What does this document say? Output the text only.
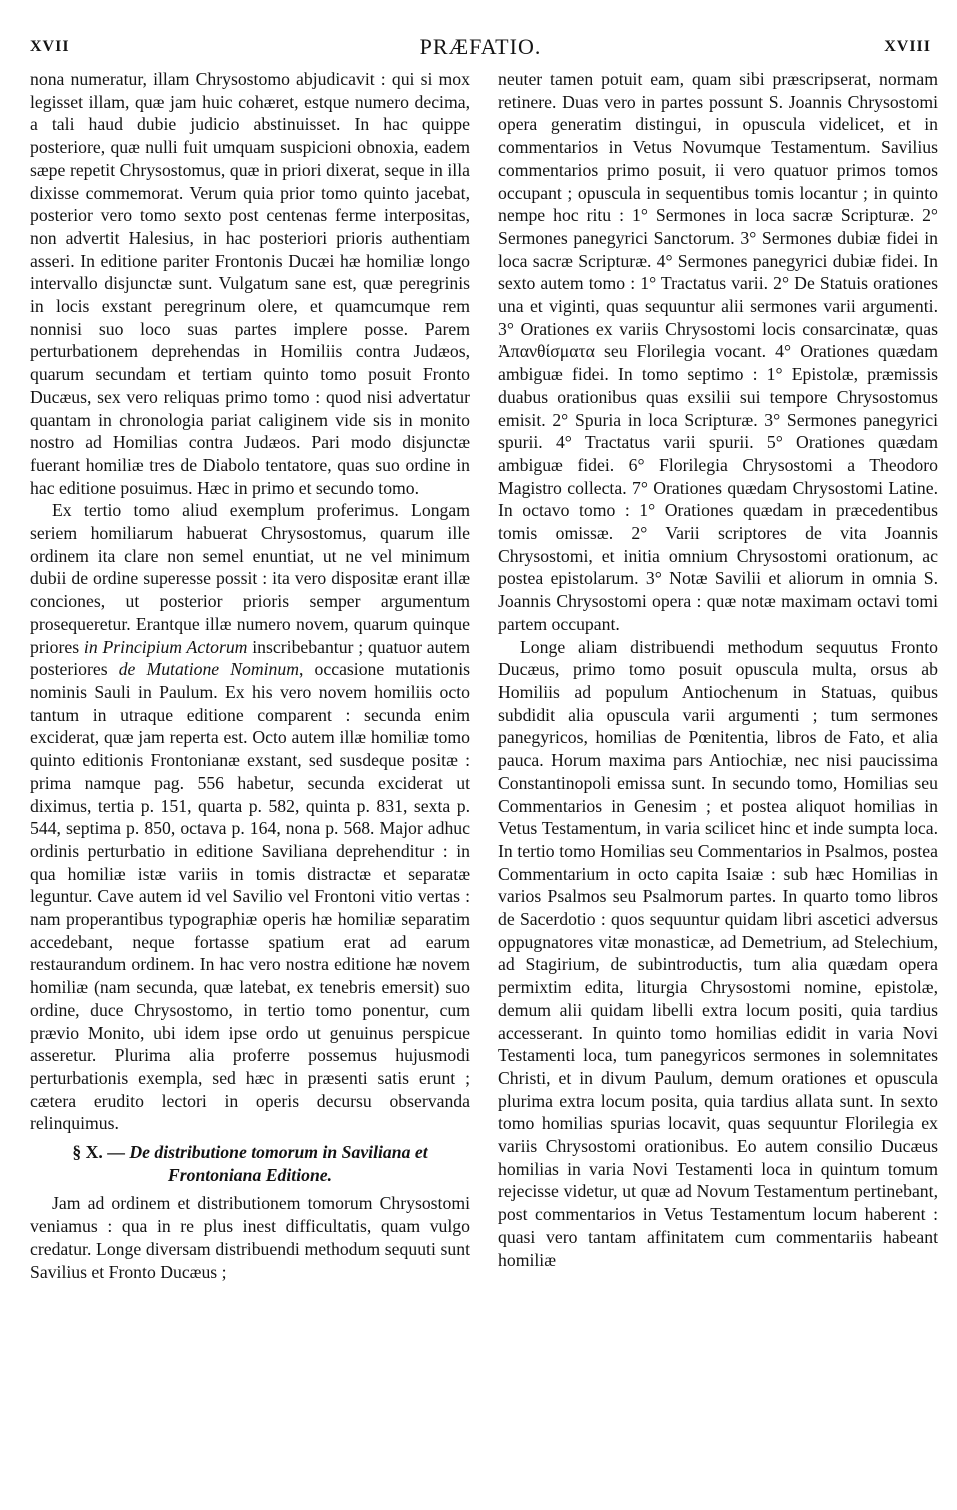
XVII	PRÆFATIO.	XVIII

nona numeratur, illam Chrysostomo abjudicavit : qui si mox legisset illam, quæ jam huic cohæret, estque numero decima, a tali haud dubie judicio abstinuisset. In hac quippe posteriore, quæ nulli fuit umquam suspicioni obnoxia, eadem sæpe repetit Chrysostomus, quæ in priori dixerat, seque in illa dixisse commemorat. Verum quia prior tomo quinto jacebat, posterior vero tomo sexto post centenas ferme interpositas, non advertit Halesius, in hac posteriori prioris authentiam asseri. In editione pariter Frontonis Ducæi hæ homiliæ longo intervallo disjunctæ sunt. Vulgatum sane est, quæ peregrinis in locis exstant peregrinum olere, et quamcumque rem nonnisi suo loco suas partes implere posse. Parem perturbationem deprehendas in Homiliis contra Judæos, quarum secundam et tertiam quinto tomo posuit Fronto Ducæus, sex vero reliquas primo tomo : quod nisi advertatur quantam in chronologia pariat caliginem vide sis in monito nostro ad Homilias contra Judæos. Pari modo disjunctæ fuerant homiliæ tres de Diabolo tentatore, quas suo ordine in hac editione posuimus. Hæc in primo et secundo tomo.

Ex tertio tomo aliud exemplum proferimus. Longam seriem homiliarum habuerat Chrysostomus, quarum ille ordinem ita clare non semel enuntiat, ut ne vel minimum dubii de ordine superesse possit : ita vero dispositæ erant illæ conciones, ut posterior prioris semper argumentum prosequeretur. Erantque illæ numero novem, quarum quinque priores in Principium Actorum inscribebantur ; quatuor autem posteriores de Mutatione Nominum, occasione mutationis nominis Sauli in Paulum. Ex his vero novem homiliis octo tantum in utraque editione comparent : secunda enim exciderat, quæ jam reperta est. Octo autem illæ homiliæ tomo quinto editionis Frontonianæ exstant, sed susdeque positæ : prima namque pag. 556 habetur, secunda exciderat ut diximus, tertia p. 151, quarta p. 582, quinta p. 831, sexta p. 544, septima p. 850, octava p. 164, nona p. 568. Major adhuc ordinis perturbatio in editione Saviliana deprehenditur : in qua homiliæ istæ variis in tomis distractæ et separatæ leguntur. Cave autem id vel Savilio vel Frontoni vitio vertas : nam properantibus typographiæ operis hæ homiliæ separatim accedebant, neque fortasse spatium erat ad earum restaurandum ordinem. In hac vero nostra editione hæ novem homiliæ (nam secunda, quæ latebat, ex tenebris emersit) suo ordine, duce Chrysostomo, in tertio tomo ponentur, cum prævio Monito, ubi idem ipse ordo ut genuinus perspicue asseretur. Plurima alia proferre possemus hujusmodi perturbationis exempla, sed hæc in præsenti satis erunt ; cætera erudito lectori in operis decursu observanda relinquimus.

§ X. — De distributione tomorum in Saviliana et Frontoniana Editione.

Jam ad ordinem et distributionem tomorum Chrysostomi veniamus : qua in re plus inest difficultatis, quam vulgo credatur. Longe diversam distribuendi methodum sequuti sunt Savilius et Fronto Ducæus ;

neuter tamen potuit eam, quam sibi præscripserat, normam retinere. Duas vero in partes possunt S. Joannis Chrysostomi opera generatim distingui, in opuscula videlicet, et in commentarios in Vetus Novumque Testamentum. Savilius commentarios primo posuit, ii vero quatuor primos tomos occupant ; opuscula in sequentibus tomis locantur ; in quinto nempe hoc ritu : 1° Sermones in loca sacræ Scripturæ. 2° Sermones panegyrici Sanctorum. 3° Sermones dubiæ fidei in loca sacræ Scripturæ. 4° Sermones panegyrici dubiæ fidei. In sexto autem tomo : 1° Tractatus varii. 2° De Statuis orationes una et viginti, quas sequuntur alii sermones varii argumenti. 3° Orationes ex variis Chrysostomi locis consarcinatæ, quas Ἀπανθίσματα seu Florilegia vocant. 4° Orationes quædam ambiguæ fidei. In tomo septimo : 1° Epistolæ, præmissis duabus orationibus quas exsilii sui tempore Chrysostomus emisit. 2° Spuria in loca Scripturæ. 3° Sermones panegyrici spurii. 4° Tractatus varii spurii. 5° Orationes quædam ambiguæ fidei. 6° Florilegia Chrysostomi a Theodoro Magistro collecta. 7° Orationes quædam Chrysostomi Latine. In octavo tomo : 1° Orationes quædam in præcedentibus tomis omissæ. 2° Varii scriptores de vita Joannis Chrysostomi, et initia omnium Chrysostomi orationum, ac postea epistolarum. 3° Notæ Savilii et aliorum in omnia S. Joannis Chrysostomi opera : quæ notæ maximam octavi tomi partem occupant.

Longe aliam distribuendi methodum sequutus Fronto Ducæus, primo tomo posuit opuscula multa, orsus ab Homiliis ad populum Antiochenum in Statuas, quibus subdidit alia opuscula varii argumenti ; tum sermones panegyricos, homilias de Pœnitentia, libros de Fato, et alia pauca. Horum maxima pars Antiochiæ, nec nisi paucissima Constantinopoli emissa sunt. In secundo tomo, Homilias seu Commentarios in Genesim ; et postea aliquot homilias in Vetus Testamentum, in varia scilicet hinc et inde sumpta loca. In tertio tomo Homilias seu Commentarios in Psalmos, postea Commentarium in octo capita Isaiæ : sub hæc Homilias in varios Psalmos seu Psalmorum partes. In quarto tomo libros de Sacerdotio : quos sequuntur quidam libri ascetici adversus oppugnatores vitæ monasticæ, ad Demetrium, ad Stelechium, ad Stagirium, de subintroductis, tum alia quædam opera permixtim edita, liturgia Chrysostomi nomine, epistolæ, demum alii quidam libelli extra locum positi, quia tardius accesserant. In quinto tomo homilias edidit in varia Novi Testamenti loca, tum panegyricos sermones in solemnitates Christi, et in divum Paulum, demum orationes et opuscula plurima extra locum posita, quia tardius allata sunt. In sexto tomo homilias spurias locavit, quas sequuntur Florilegia ex variis Chrysostomi orationibus. Eo autem consilio Ducæus homilias in varia Novi Testamenti loca in quintum tomum rejecisse videtur, ut quæ ad Novum Testamentum pertinebant, post commentarios in Vetus Testamentum locum haberent : quasi vero tantam affinitatem cum commentariis habeant homiliæ
